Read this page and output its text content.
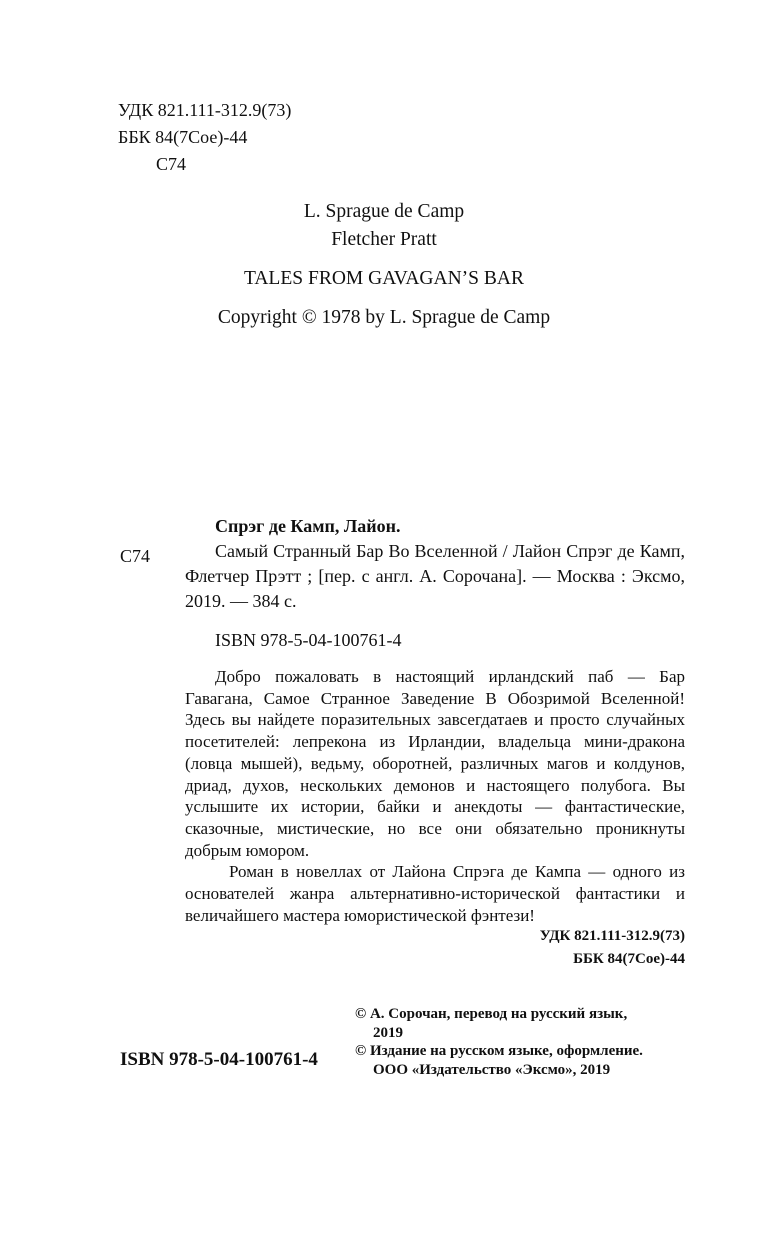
УДК 821.111-312.9(73)
ББК 84(7Сое)-44
С74
L. Sprague de Camp
Fletcher Pratt
TALES FROM GAVAGAN’S BAR
Copyright © 1978 by L. Sprague de Camp
С74
Спрэг де Камп, Лайон.

Самый Странный Бар Во Вселенной / Лайон Спрэг де Камп, Флетчер Прэтт ; [пер. с англ. А. Сорочана]. — Москва : Эксмо, 2019. — 384 с.

ISBN 978-5-04-100761-4

Добро пожаловать в настоящий ирландский паб — Бар Гавагана, Самое Странное Заведение В Обозримой Вселенной! Здесь вы найдете поразительных завсегдатаев и просто случайных посетителей: лепрекона из Ирландии, владельца мини-дракона (ловца мышей), ведьму, оборотней, различных магов и колдунов, дриад, духов, нескольких демонов и настоящего полубога. Вы услышите их истории, байки и анекдоты — фантастические, сказочные, мистические, но все они обязательно проникнуты добрым юмором.

Роман в новеллах от Лайона Спрэга де Кампа — одного из основателей жанра альтернативно-исторической фантастики и величайшего мастера юмористической фэнтези!

УДК 821.111-312.9(73)
ББК 84(7Сое)-44
© А. Сорочан, перевод на русский язык,
2019
© Издание на русском языке, оформление.
ООО «Издательство «Эксмо», 2019
ISBN 978-5-04-100761-4
